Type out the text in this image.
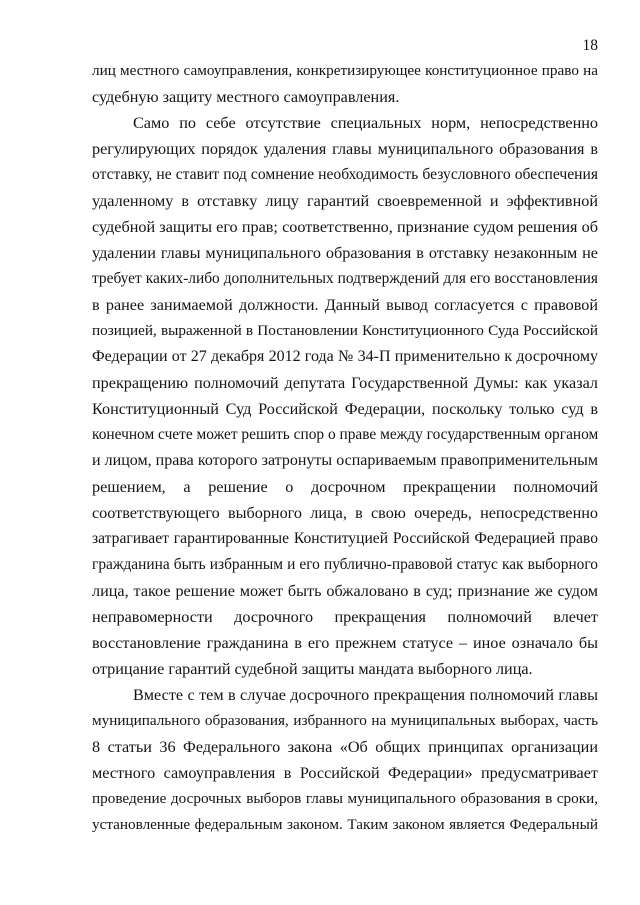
18
лиц местного самоуправления, конкретизирующее конституционное право на
судебную защиту местного самоуправления.
Само по себе отсутствие специальных норм, непосредственно
регулирующих порядок удаления главы муниципального образования в
отставку, не ставит под сомнение необходимость безусловного обеспечения
удаленному в отставку лицу гарантий своевременной и эффективной
судебной защиты его прав; соответственно, признание судом решения об
удалении главы муниципального образования в отставку незаконным не
требует каких-либо дополнительных подтверждений для его восстановления
в ранее занимаемой должности. Данный вывод согласуется с правовой
позицией, выраженной в Постановлении Конституционного Суда Российской
Федерации от 27 декабря 2012 года № 34-П применительно к досрочному
прекращению полномочий депутата Государственной Думы: как указал
Конституционный Суд Российской Федерации, поскольку только суд в
конечном счете может решить спор о праве между государственным органом
и лицом, права которого затронуты оспариваемым правоприменительным
решением, а решение о досрочном прекращении полномочий
соответствующего выборного лица, в свою очередь, непосредственно
затрагивает гарантированные Конституцией Российской Федерацией право
гражданина быть избранным и его публично-правовой статус как выборного
лица, такое решение может быть обжаловано в суд; признание же судом
неправомерности досрочного прекращения полномочий влечет
восстановление гражданина в его прежнем статусе – иное означало бы
отрицание гарантий судебной защиты мандата выборного лица.
Вместе с тем в случае досрочного прекращения полномочий главы
муниципального образования, избранного на муниципальных выборах, часть
8 статьи 36 Федерального закона «Об общих принципах организации
местного самоуправления в Российской Федерации» предусматривает
проведение досрочных выборов главы муниципального образования в сроки,
установленные федеральным законом. Таким законом является Федеральный
